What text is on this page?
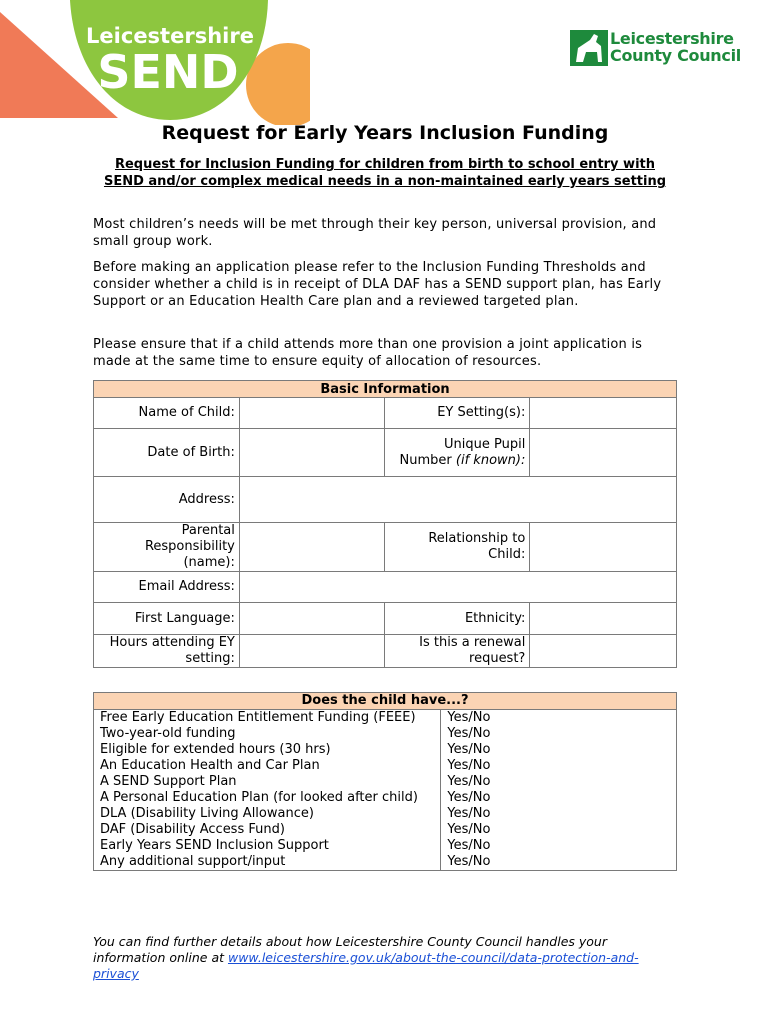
Leicestershire
SEND
Leicestershire
County Council
Request for Early Years Inclusion Funding
Request for Inclusion Funding for children from birth to school entry with SEND and/or complex medical needs in a non-maintained early years setting
Most children’s needs will be met through their key person, universal provision, and small group work.
Before making an application please refer to the Inclusion Funding Thresholds and consider whether a child is in receipt of DLA DAF has a SEND support plan, has Early Support or an Education Health Care plan and a reviewed targeted plan.
Please ensure that if a child attends more than one provision a joint application is made at the same time to ensure equity of allocation of resources.
Basic Information			
Name of Child:		EY Setting(s):	
Date of Birth:		Unique Pupil Number (if known):	
Address:			
Parental Responsibility (name):		Relationship to Child:	
Email Address:			
First Language:		Ethnicity:	
Hours attending EY setting:		Is this a renewal request?	
Does the child have...?	
Free Early Education Entitlement Funding (FEEE)	Yes/No
Two-year-old funding	Yes/No
Eligible for extended hours (30 hrs)	Yes/No
An Education Health and Car Plan	Yes/No
A SEND Support Plan	Yes/No
A Personal Education Plan (for looked after child)	Yes/No
DLA (Disability Living Allowance)	Yes/No
DAF (Disability Access Fund)	Yes/No
Early Years SEND Inclusion Support	Yes/No
Any additional support/input	Yes/No
You can find further details about how Leicestershire County Council handles your information online at www.leicestershire.gov.uk/about-the-council/data-protection-and-privacy
